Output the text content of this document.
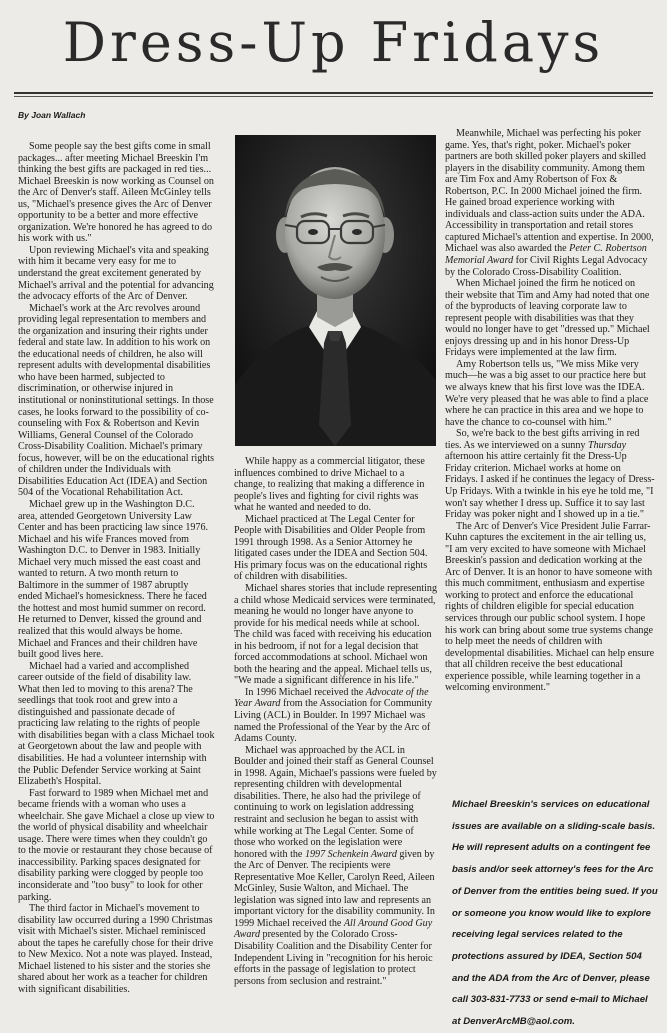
Dress-Up Fridays
By Joan Wallach

Some people say the best gifts come in small packages... after meeting Michael Breeskin I'm thinking the best gifts are packaged in red ties... Michael Breeskin is now working as Counsel on the Arc of Denver's staff. Aileen McGinley tells us, "Michael's presence gives the Arc of Denver opportunity to be a better and more effective organization. We're honored he has agreed to do his work with us."

Upon reviewing Michael's vita and speaking with him it became very easy for me to understand the great excitement generated by Michael's arrival and the potential for advancing the advocacy efforts of the Arc of Denver.

Michael's work at the Arc revolves around providing legal representation to members and the organization and insuring their rights under federal and state law. In addition to his work on the educational needs of children, he also will represent adults with developmental disabilities who have been harmed, subjected to discrimination, or otherwise injured in institutional or noninstitutional settings. In those cases, he looks forward to the possibility of co-counseling with Fox & Robertson and Kevin Williams, General Counsel of the Colorado Cross-Disability Coalition. Michael's primary focus, however, will be on the educational rights of children under the Individuals with Disabilities Education Act (IDEA) and Section 504 of the Vocational Rehabilitation Act.

Michael grew up in the Washington D.C. area, attended Georgetown University Law Center and has been practicing law since 1976. Michael and his wife Frances moved from Washington D.C. to Denver in 1983. Initially Michael very much missed the east coast and wanted to return. A two month return to Baltimore in the summer of 1987 abruptly ended Michael's homesickness. There he faced the hottest and most humid summer on record. He returned to Denver, kissed the ground and realized that this would always be home. Michael and Frances and their children have built good lives here.

Michael had a varied and accomplished career outside of the field of disability law. What then led to moving to this arena? The seedlings that took root and grew into a distinguished and passionate decade of practicing law relating to the rights of people with disabilities began with a class Michael took at Georgetown about the law and people with disabilities. He had a volunteer internship with the Public Defender Service working at Saint Elizabeth's Hospital.

Fast forward to 1989 when Michael met and became friends with a woman who uses a wheelchair. She gave Michael a close up view to the world of physical disability and wheelchair usage. There were times when they couldn't go to the movie or restaurant they chose because of inaccessibility. Parking spaces designated for disability parking were clogged by people too inconsiderate and "too busy" to look for other parking.

The third factor in Michael's movement to disability law occurred during a 1990 Christmas visit with Michael's sister. Michael reminisced about the tapes he carefully chose for their drive to New Mexico. Not a note was played. Instead, Michael listened to his sister and the stories she shared about her work as a teacher for children with significant disabilities.

While happy as a commercial litigator, these influences combined to drive Michael to a change, to realizing that making a difference in people's lives and fighting for civil rights was what he wanted and needed to do.

Michael practiced at The Legal Center for People with Disabilities and Older People from 1991 through 1998. As a Senior Attorney he litigated cases under the IDEA and Section 504. His primary focus was on the educational rights of children with disabilities.

Michael shares stories that include representing a child whose Medicaid services were terminated, meaning he would no longer have anyone to provide for his medical needs while at school. The child was faced with receiving his education in his bedroom, if not for a legal decision that forced accommodations at school. Michael won both the hearing and the appeal. Michael tells us, "We made a significant difference in his life."

In 1996 Michael received the Advocate of the Year Award from the Association for Community Living (ACL) in Boulder. In 1997 Michael was named the Professional of the Year by the Arc of Adams County.

Michael was approached by the ACL in Boulder and joined their staff as General Counsel in 1998. Again, Michael's passions were fueled by representing children with developmental disabilities. There, he also had the privilege of continuing to work on legislation addressing restraint and seclusion he began to assist with while working at The Legal Center. Some of those who worked on the legislation were honored with the 1997 Schenkein Award given by the Arc of Denver. The recipients were Representative Moe Keller, Carolyn Reed, Aileen McGinley, Susie Walton, and Michael. The legislation was signed into law and represents an important victory for the disability community. In 1999 Michael received the All Around Good Guy Award presented by the Colorado Cross-Disability Coalition and the Disability Center for Independent Living in "recognition for his heroic efforts in the passage of legislation to protect persons from seclusion and restraint."

Meanwhile, Michael was perfecting his poker game. Yes, that's right, poker. Michael's poker partners are both skilled poker players and skilled players in the disability community. Among them are Tim Fox and Amy Robertson of Fox & Robertson, P.C. In 2000 Michael joined the firm. He gained broad experience working with individuals and class-action suits under the ADA. Accessibility in transportation and retail stores captured Michael's attention and expertise. In 2000, Michael was also awarded the Peter C. Robertson Memorial Award for Civil Rights Legal Advocacy by the Colorado Cross-Disability Coalition.

When Michael joined the firm he noticed on their website that Tim and Amy had noted that one of the byproducts of leaving corporate law to represent people with disabilities was that they would no longer have to get "dressed up." Michael enjoys dressing up and in his honor Dress-Up Fridays were implemented at the law firm.

Amy Robertson tells us, "We miss Mike very much—he was a big asset to our practice here but we always knew that his first love was the IDEA. We're very pleased that he was able to find a place where he can practice in this area and we hope to have the chance to co-counsel with him."

So, we're back to the best gifts arriving in red ties. As we interviewed on a sunny Thursday afternoon his attire certainly fit the Dress-Up Friday criterion. Michael works at home on Fridays. I asked if he continues the legacy of Dress-Up Fridays. With a twinkle in his eye he told me, "I won't say whether I dress up. Suffice it to say last Friday was poker night and I showed up in a tie."

The Arc of Denver's Vice President Julie Farrar-Kuhn captures the excitement in the air telling us, "I am very excited to have someone with Michael Breeskin's passion and dedication working at the Arc of Denver. It is an honor to have someone with this much commitment, enthusiasm and expertise working to protect and enforce the educational rights of children eligible for special education services through our public school system. I hope his work can bring about some true systems change to help meet the needs of children with developmental disabilities. Michael can help ensure that all children receive the best educational experience possible, while learning together in a welcoming environment."

Michael Breeskin's services on educational issues are available on a sliding-scale basis. He will represent adults on a contingent fee basis and/or seek attorney's fees for the Arc of Denver from the entities being sued. If you or someone you know would like to explore receiving legal services related to the protections assured by IDEA, Section 504 and the ADA from the Arc of Denver, please call 303-831-7733 or send e-mail to Michael at DenverArcMB@aol.com.
